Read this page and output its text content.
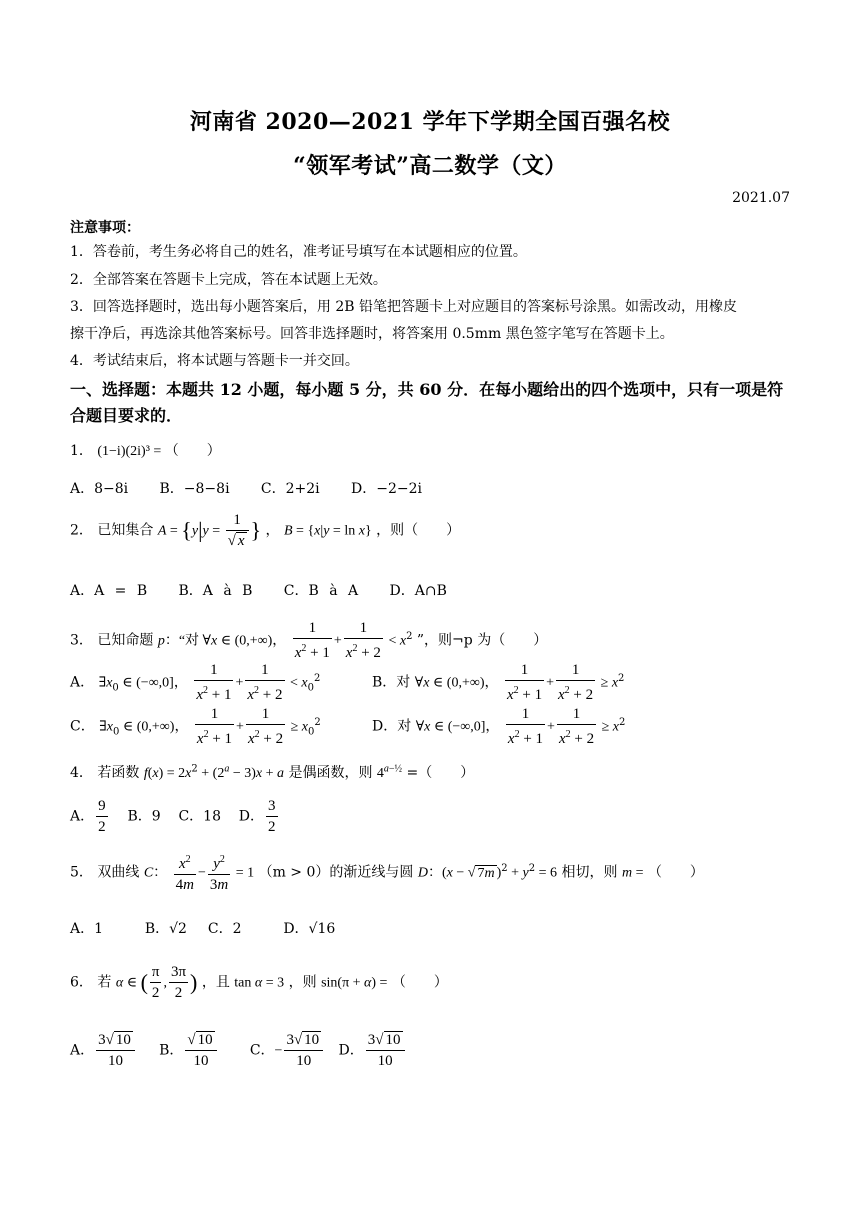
河南省 2020—2021 学年下学期全国百强名校
“领军考试”高二数学（文）
2021.07
注意事项：
1．答卷前，考生务必将自己的姓名，准考证号填写在本试题相应的位置。
2．全部答案在答题卡上完成，答在本试题上无效。
3．回答选择题时，选出每小题答案后，用 2B 铅笔把答题卡上对应题目的答案标号涂黑。如需改动，用橡皮
擦干净后，再选涂其他答案标号。回答非选择题时，将答案用 0.5mm 黑色签字笔写在答题卡上。
4．考试结束后，将本试题与答题卡一并交回。
一、选择题：本题共 12 小题，每小题 5 分，共 60 分．在每小题给出的四个选项中，只有一项是符合题目要求的．
1． (1−i)(2i)³ = （　　）
A．8−8i B．−8−8i C．2+2i D．−2−2i
2． 已知集合 $A = \{y|y = \frac{1}{√ x}$ } ， B = {x|y = ln x} ，则（　　）
A．A = B B．A à B C．B à A D．A∩B
3． 已知命题 p：“对 ∀x ∈ (0,+∞)， $\frac{1}{x^2 + 1} + \frac{1}{x^2 + 2} < x^2$ ”，则¬p 为（　　）
A． $\exists x_0$ ∈ (−∞,0]， $\frac{1}{x^2 + 1} + \frac{1}{x^2 + 2} < x_0^2$	B．对 ∀x ∈ (0,+∞)， $\frac{1}{x^2 + 1} + \frac{1}{x^2 + 2} \ge x^2$
C． $\exists x_0$ ∈ (0,+∞)， $\frac{1}{x^2 + 1} + \frac{1}{x^2 + 2} \ge x_0^2$	D．对 ∀x ∈ (−∞,0]， $\frac{1}{x^2 + 1} + \frac{1}{x^2 + 2} \ge x^2$
4． 若函数 $f(x) = 2x^2 + (2^a - 3)x + a$ 是偶函数，则 $4^{a-\frac{1}{2}}$ =（　　）
A． $\frac{9}{2}$ B．9 C．18 D． $\frac{3}{2}$
5． 双曲线 C： $\frac{x^2}{4m} - \frac{y^2}{3m} = 1$ （m > 0）的渐近线与圆 D：(x − √ 7m )$^2 + y^2 = 6$ 相切，则 m = （　　）
A．1	B．√2 C．2	D．√16
6． 若 α ∈ ( $\frac{\pi}{2}$ , $\frac{3\pi}{2}$ ) ，且 tan α = 3 ，则 sin(π + α) = （　　）
A． $\frac{3√ 10}{10}$ B． $\frac{√ 10}{10}$ C．− $\frac{3√ 10}{10}$ D． $\frac{3√ 10}{10}$
